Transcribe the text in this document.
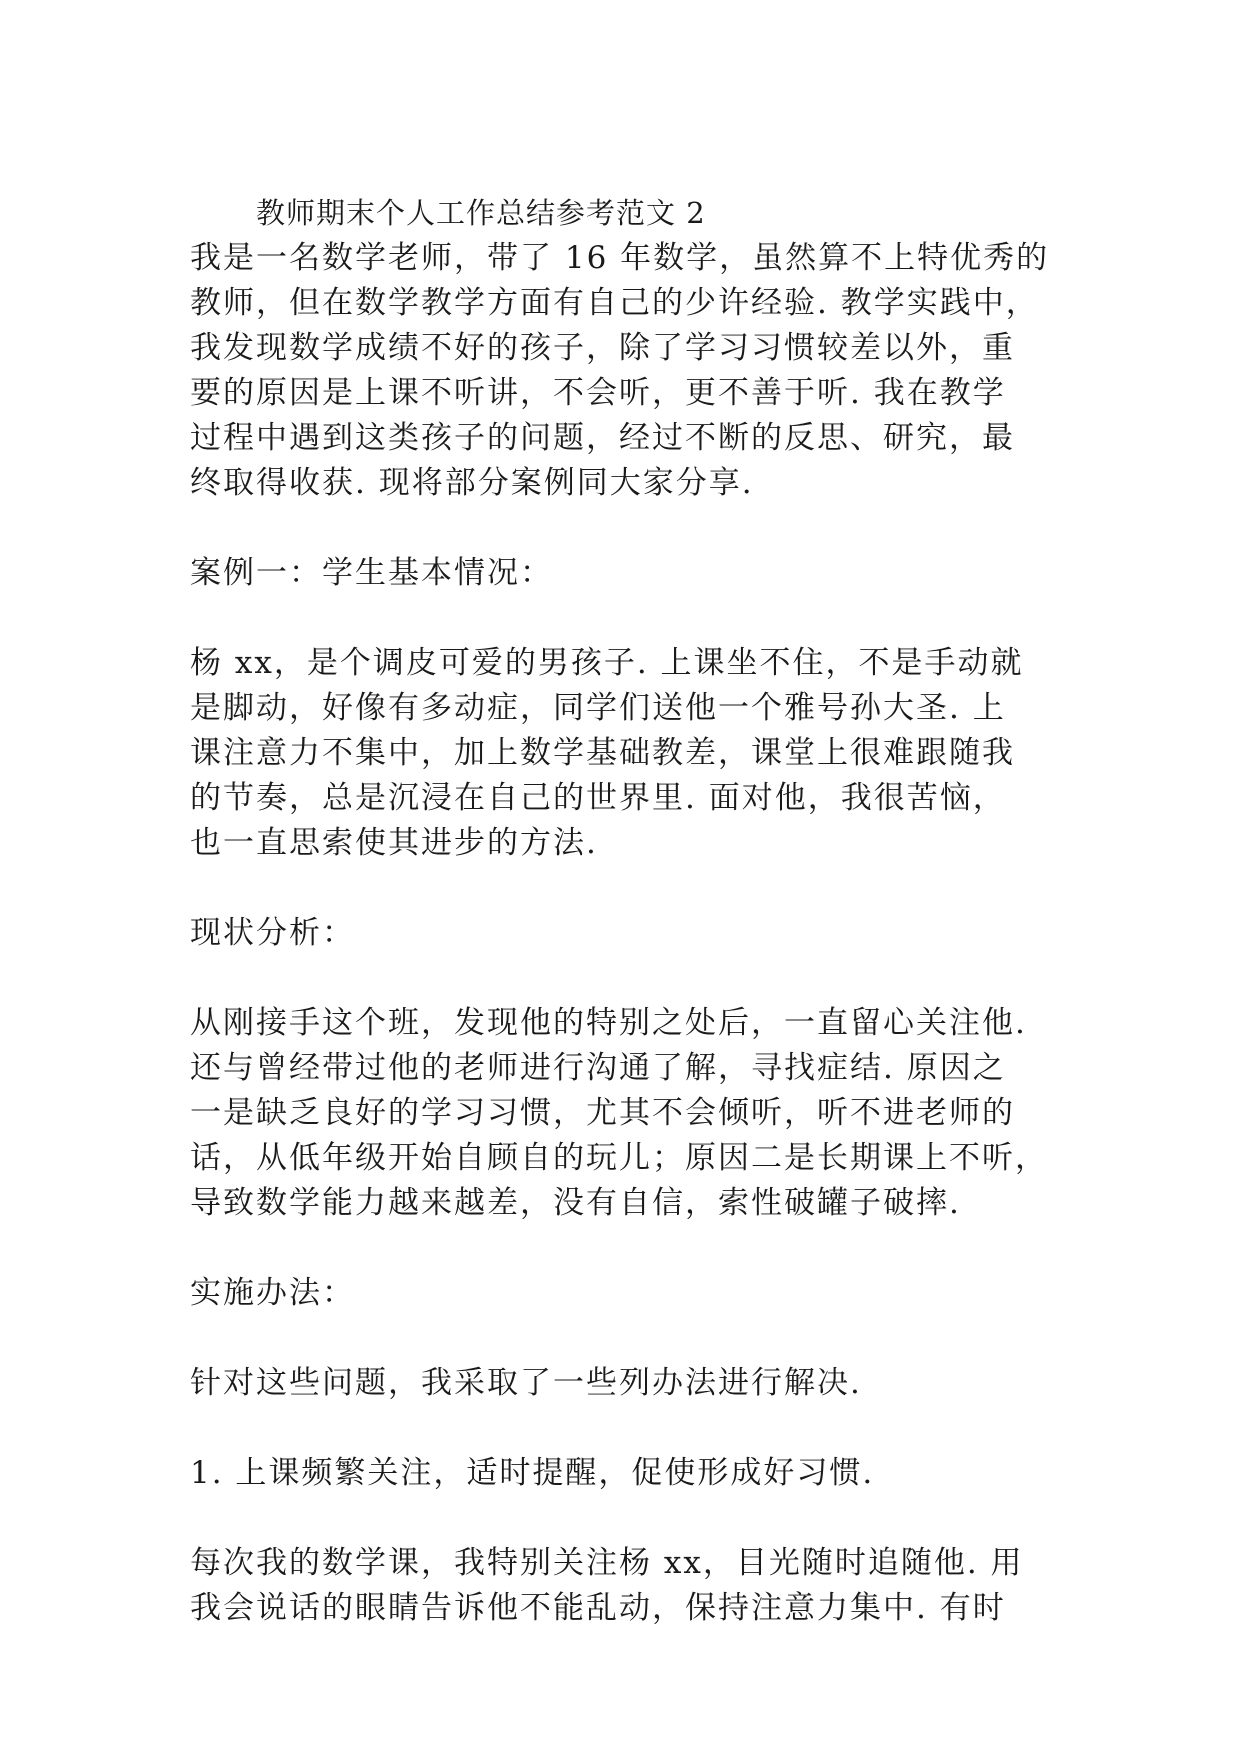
教师期末个人工作总结参考范文 2

我是一名数学老师，带了 16 年数学，虽然算不上特优秀的
教师，但在数学教学方面有自己的少许经验. 教学实践中，
我发现数学成绩不好的孩子，除了学习习惯较差以外，重
要的原因是上课不听讲，不会听，更不善于听. 我在教学
过程中遇到这类孩子的问题，经过不断的反思、研究，最
终取得收获. 现将部分案例同大家分享.

案例一：学生基本情况：

杨 xx，是个调皮可爱的男孩子. 上课坐不住，不是手动就
是脚动，好像有多动症，同学们送他一个雅号孙大圣. 上
课注意力不集中，加上数学基础教差，课堂上很难跟随我
的节奏，总是沉浸在自己的世界里. 面对他，我很苦恼，
也一直思索使其进步的方法.

现状分析：

从刚接手这个班，发现他的特别之处后，一直留心关注他.
还与曾经带过他的老师进行沟通了解，寻找症结. 原因之
一是缺乏良好的学习习惯，尤其不会倾听，听不进老师的
话，从低年级开始自顾自的玩儿；原因二是长期课上不听，
导致数学能力越来越差，没有自信，索性破罐子破摔.

实施办法：

针对这些问题，我采取了一些列办法进行解决.

1. 上课频繁关注，适时提醒，促使形成好习惯.

每次我的数学课，我特别关注杨 xx，目光随时追随他. 用
我会说话的眼睛告诉他不能乱动，保持注意力集中. 有时
